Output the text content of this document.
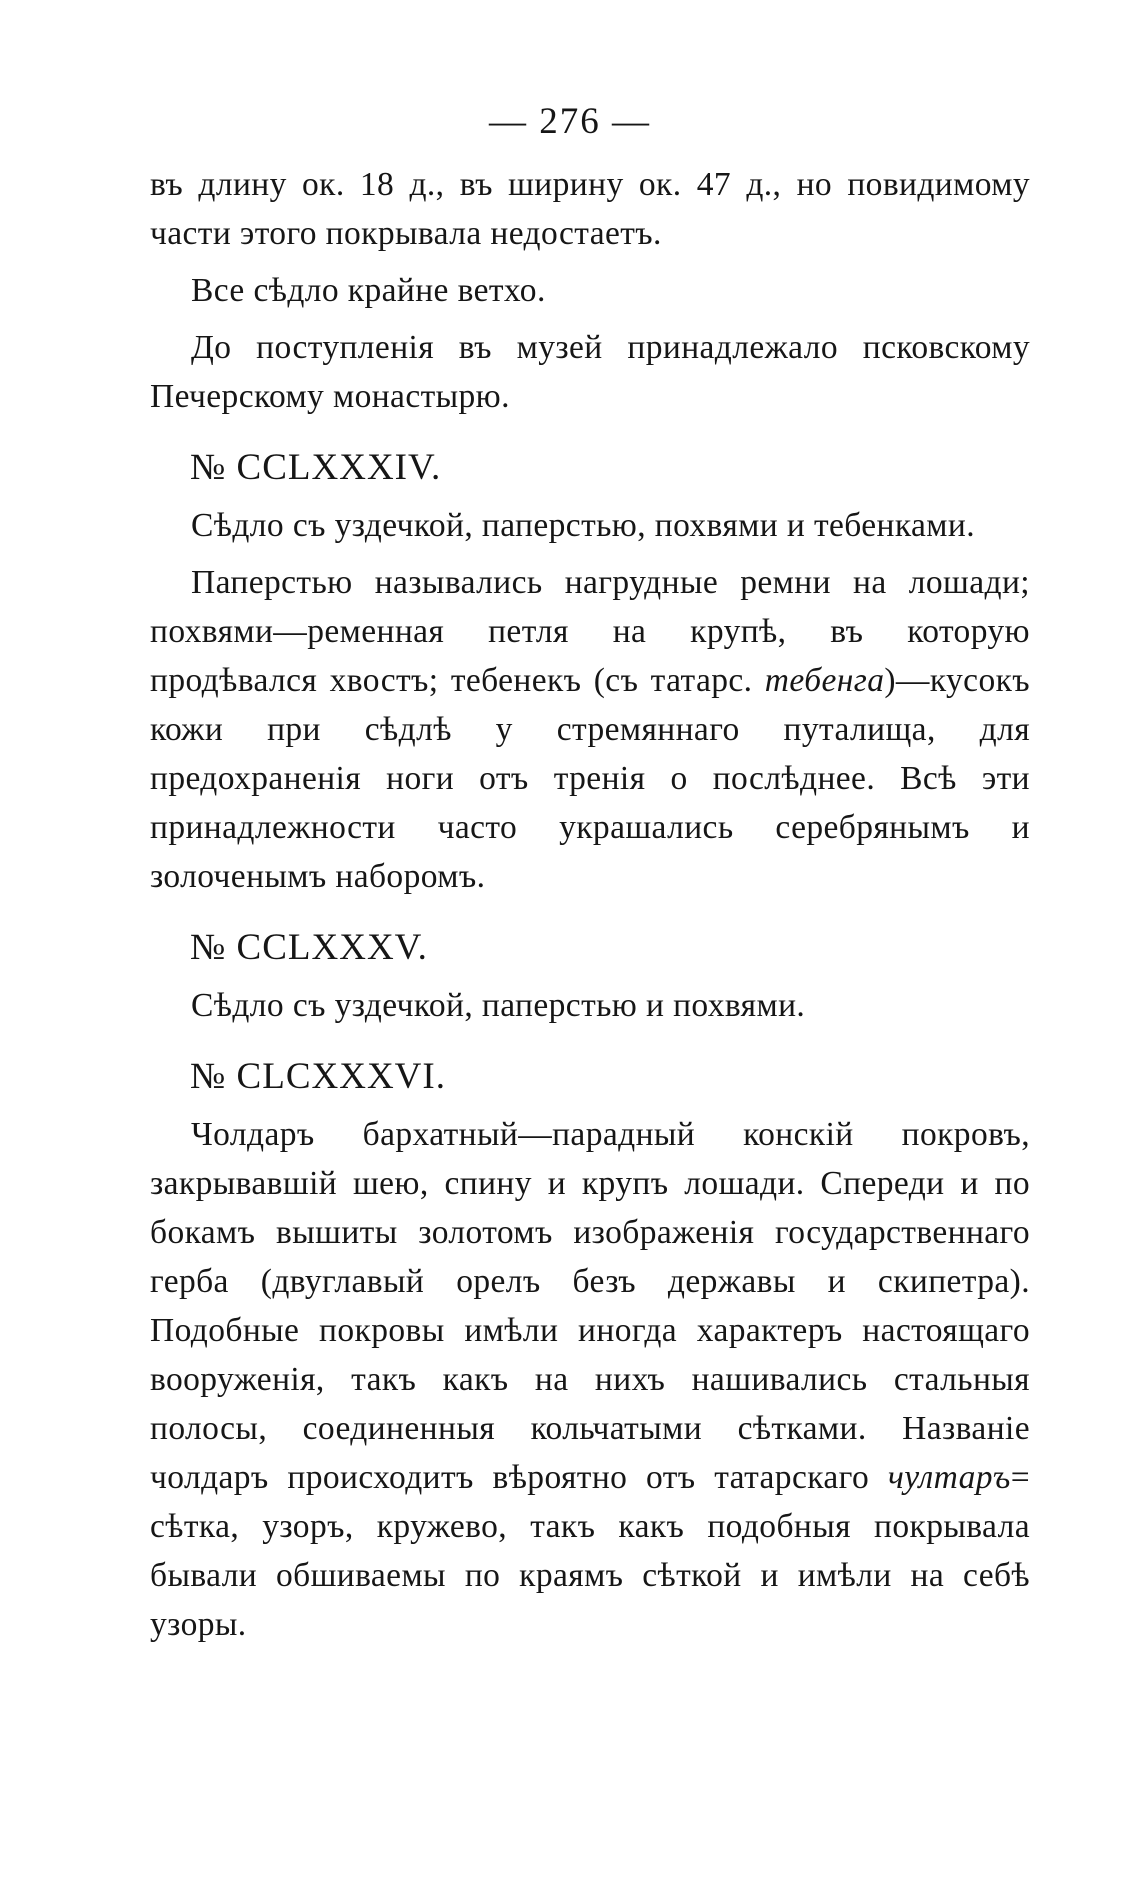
— 276 —

въ длину ок. 18 д., въ ширину ок. 47 д., но повидимому части этого покрывала недостаетъ.

Все сѣдло крайне ветхо.

До поступленія въ музей принадлежало псковскому Печерскому монастырю.

№ CCLXXXIV.

Сѣдло съ уздечкой, паперстью, похвями и тебенками.

Паперстью назывались нагрудные ремни на лошади; похвями—ременная петля на крупѣ, въ которую продѣвался хвостъ; тебенекъ (съ татарс. тебенга)—кусокъ кожи при сѣдлѣ у стремяннаго путалища, для предохраненія ноги отъ тренія о послѣднее. Всѣ эти принадлежности часто украшались серебрянымъ и золоченымъ наборомъ.

№ CCLXXXV.

Сѣдло съ уздечкой, паперстью и похвями.

№ CLCXXXVI.

Чолдаръ бархатный—парадный конскій покровъ, закрывавшій шею, спину и крупъ лошади. Спереди и по бокамъ вышиты золотомъ изображенія государственнаго герба (двуглавый орелъ безъ державы и скипетра). Подобные покровы имѣли иногда характеръ настоящаго вооруженія, такъ какъ на нихъ нашивались стальныя полосы, соединенныя кольчатыми сѣтками. Названіе чолдаръ происходитъ вѣроятно отъ татарскаго чултаръ= сѣтка, узоръ, кружево, такъ какъ подобныя покрывала бывали обшиваемы по краямъ сѣткой и имѣли на себѣ узоры.
